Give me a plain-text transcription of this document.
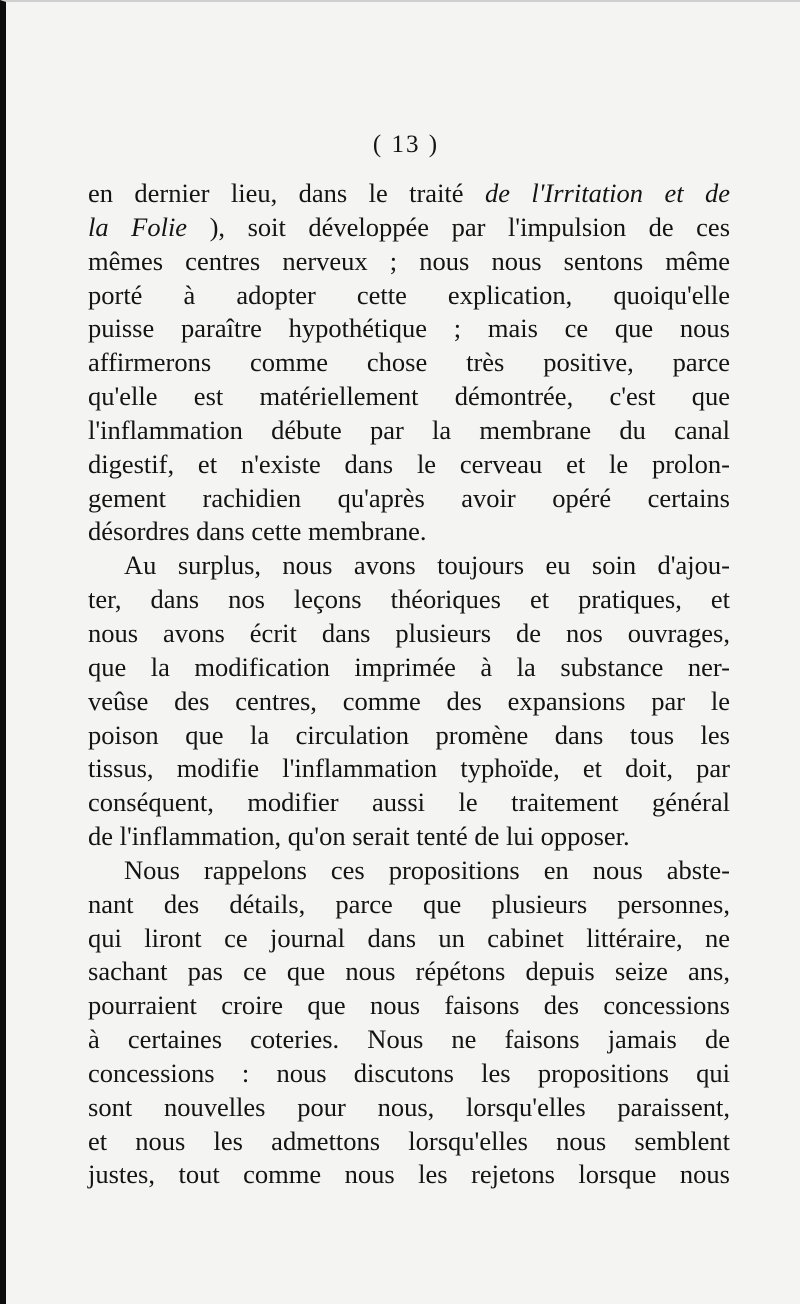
( 13 )
en dernier lieu, dans le traité de l'Irritation et de
la Folie ), soit développée par l'impulsion de ces
mêmes centres nerveux ; nous nous sentons même
porté à adopter cette explication, quoiqu'elle
puisse paraître hypothétique ; mais ce que nous
affirmerons comme chose très positive, parce
qu'elle est matériellement démontrée, c'est que
l'inflammation débute par la membrane du canal
digestif, et n'existe dans le cerveau et le prolon-
gement rachidien qu'après avoir opéré certains
désordres dans cette membrane.
Au surplus, nous avons toujours eu soin d'ajou-
ter, dans nos leçons théoriques et pratiques, et
nous avons écrit dans plusieurs de nos ouvrages,
que la modification imprimée à la substance ner-
veûse des centres, comme des expansions par le
poison que la circulation promène dans tous les
tissus, modifie l'inflammation typhoïde, et doit, par
conséquent, modifier aussi le traitement général
de l'inflammation, qu'on serait tenté de lui opposer.
Nous rappelons ces propositions en nous abste-
nant des détails, parce que plusieurs personnes,
qui liront ce journal dans un cabinet littéraire, ne
sachant pas ce que nous répétons depuis seize ans,
pourraient croire que nous faisons des concessions
à certaines coteries. Nous ne faisons jamais de
concessions : nous discutons les propositions qui
sont nouvelles pour nous, lorsqu'elles paraissent,
et nous les admettons lorsqu'elles nous semblent
justes, tout comme nous les rejetons lorsque nous
